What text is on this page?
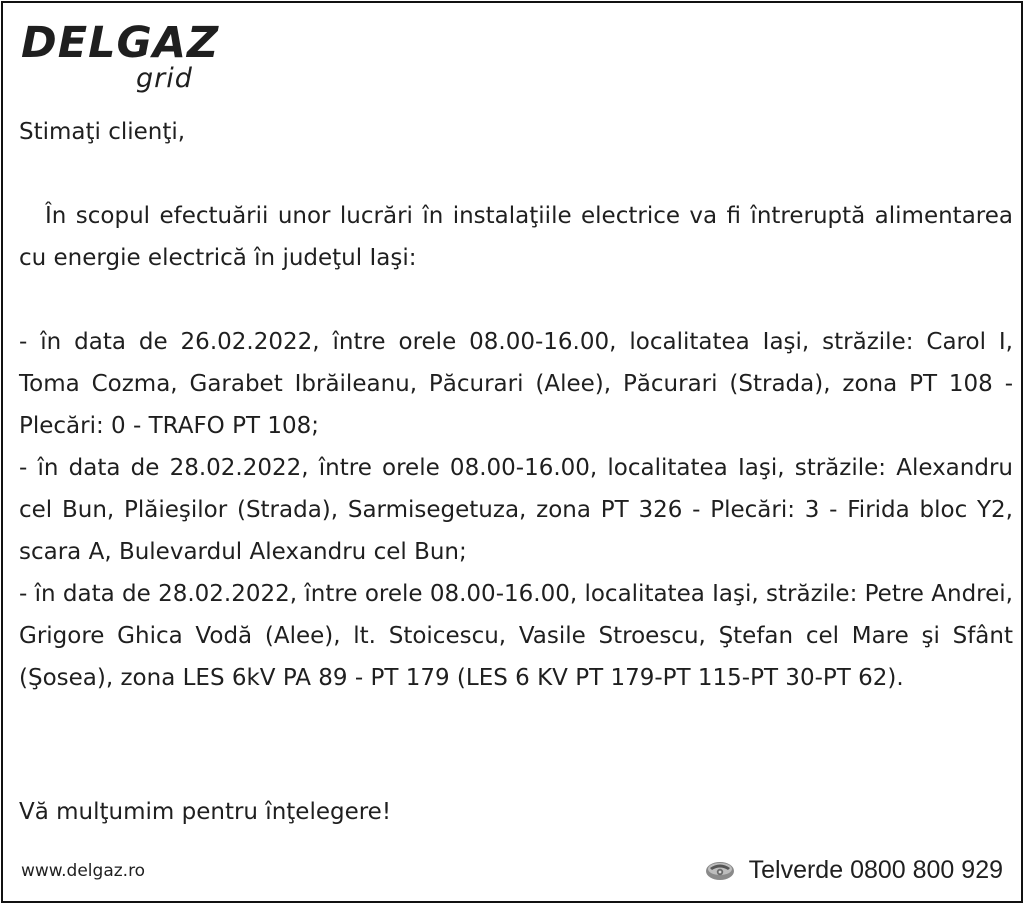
DELGAZ
grid

Stimaţi clienţi,

În scopul efectuării unor lucrări în instalaţiile electrice va fi întreruptă alimentarea cu energie electrică în judeţul Iaşi:

- în data de 26.02.2022, între orele 08.00-16.00, localitatea Iaşi, străzile: Carol I, Toma Cozma, Garabet Ibrăileanu, Păcurari (Alee), Păcurari (Strada), zona PT 108 - Plecări: 0 - TRAFO PT 108;

- în data de 28.02.2022, între orele 08.00-16.00, localitatea Iaşi, străzile: Alexandru cel Bun, Plăieşilor (Strada), Sarmisegetuza, zona PT 326 - Plecări: 3 - Firida bloc Y2, scara A, Bulevardul Alexandru cel Bun;

- în data de 28.02.2022, între orele 08.00-16.00, localitatea Iaşi, străzile: Petre Andrei, Grigore Ghica Vodă (Alee), lt. Stoicescu, Vasile Stroescu, Ştefan cel Mare şi Sfânt (Şosea), zona LES 6kV PA 89 - PT 179 (LES 6 KV PT 179-PT 115-PT 30-PT 62).

Vă mulţumim pentru înţelegere!
www.delgaz.ro	Telverde 0800 800 929
